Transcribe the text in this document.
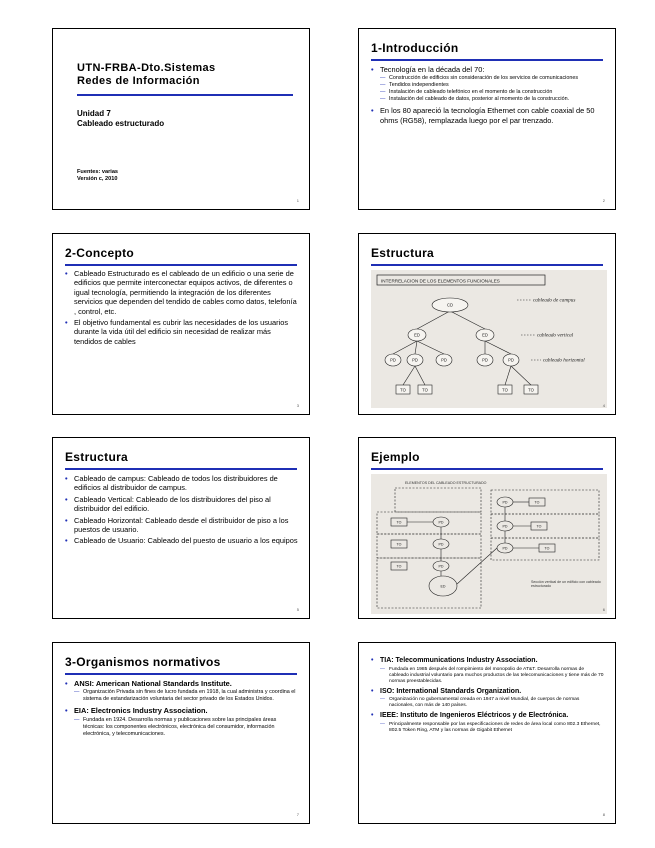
UTN-FRBA-Dto.Sistemas
Redes de Información
Unidad 7
Cableado estructurado
Fuentes: varias
Versión c, 2010
1
1-Introducción
• Tecnología en la década del 70:
— Construcción de edificios sin consideración de los servicios de comunicaciones
— Tendidos independientes
— Instalación de cableado telefónico en el momento de la construcción
— Instalación del cableado de datos, posterior al momento de la construcción.
• En los 80 apareció la tecnología Ethernet con cable coaxial de 50 ohms (RG58), remplazada luego por el par trenzado.
2
2-Concepto
• Cableado Estructurado es el cableado de un edificio o una serie de edificios que permite interconectar equipos activos, de diferentes o igual tecnología, permitiendo la integración de los diferentes servicios que dependen del tendido de cables como datos, telefonía , control, etc.
• El objetivo fundamental es cubrir las necesidades de los usuarios durante la vida útil del edificio sin necesidad de realizar más tendidos de cables
3
Estructura
INTERRELACION DE LOS ELEMENTOS FUNCIONALES
CD
ED	ED
PD	PD	PD	PD	PD
TO	TO	TO	TO
cableado de campus
cableado vertical
cableado horizontal
4
Estructura
• Cableado de campus: Cableado de todos los distribuidores de edificios al distribuidor de campus.
• Cableado Vertical: Cableado de los distribuidores del piso al distribuidor del edificio.
• Cableado Horizontal: Cableado desde el distribuidor de piso a los puestos de usuario.
• Cableado de Usuario: Cableado del puesto de usuario a los equipos
5
Ejemplo
ELEMENTOS DEL CABLEADO ESTRUCTURADO
TO
TO
TO
TO
TO
TO
PD
PD
PD
PD
PD
PD
ED
Sección vertical de un edificio con cableado estructurado
6
3-Organismos normativos
• ANSI: American National Standards Institute.
— Organización Privada sin fines de lucro fundada en 1918, la cual administra y coordina el sistema de estandarización voluntaria del sector privado de los Estados Unidos.
• EIA: Electronics Industry Association.
— Fundada en 1924. Desarrolla normas y publicaciones sobre las principales áreas técnicas: los componentes electrónicos, electrónica del consumidor, información electrónica, y telecomunicaciones.
7
• TIA: Telecommunications Industry Association.
— Fundada en 1985 después del rompimiento del monopolio de AT&T. Desarrolla normas de cableado industrial voluntario para muchos productos de las telecomunicaciones y tiene más de 70 normas preestablecidas.
• ISO: International Standards Organization.
— Organización no gubernamental creada en 1947 a nivel Mundial, de cuerpos de normas nacionales, con más de 140 países.
• IEEE: Instituto de Ingenieros Eléctricos y de Electrónica.
— Principalmente responsable por las especificaciones de redes de área local como 802.3 Ethernet, 802.5 Token Ring, ATM y las normas de Gigabit Ethernet
8
